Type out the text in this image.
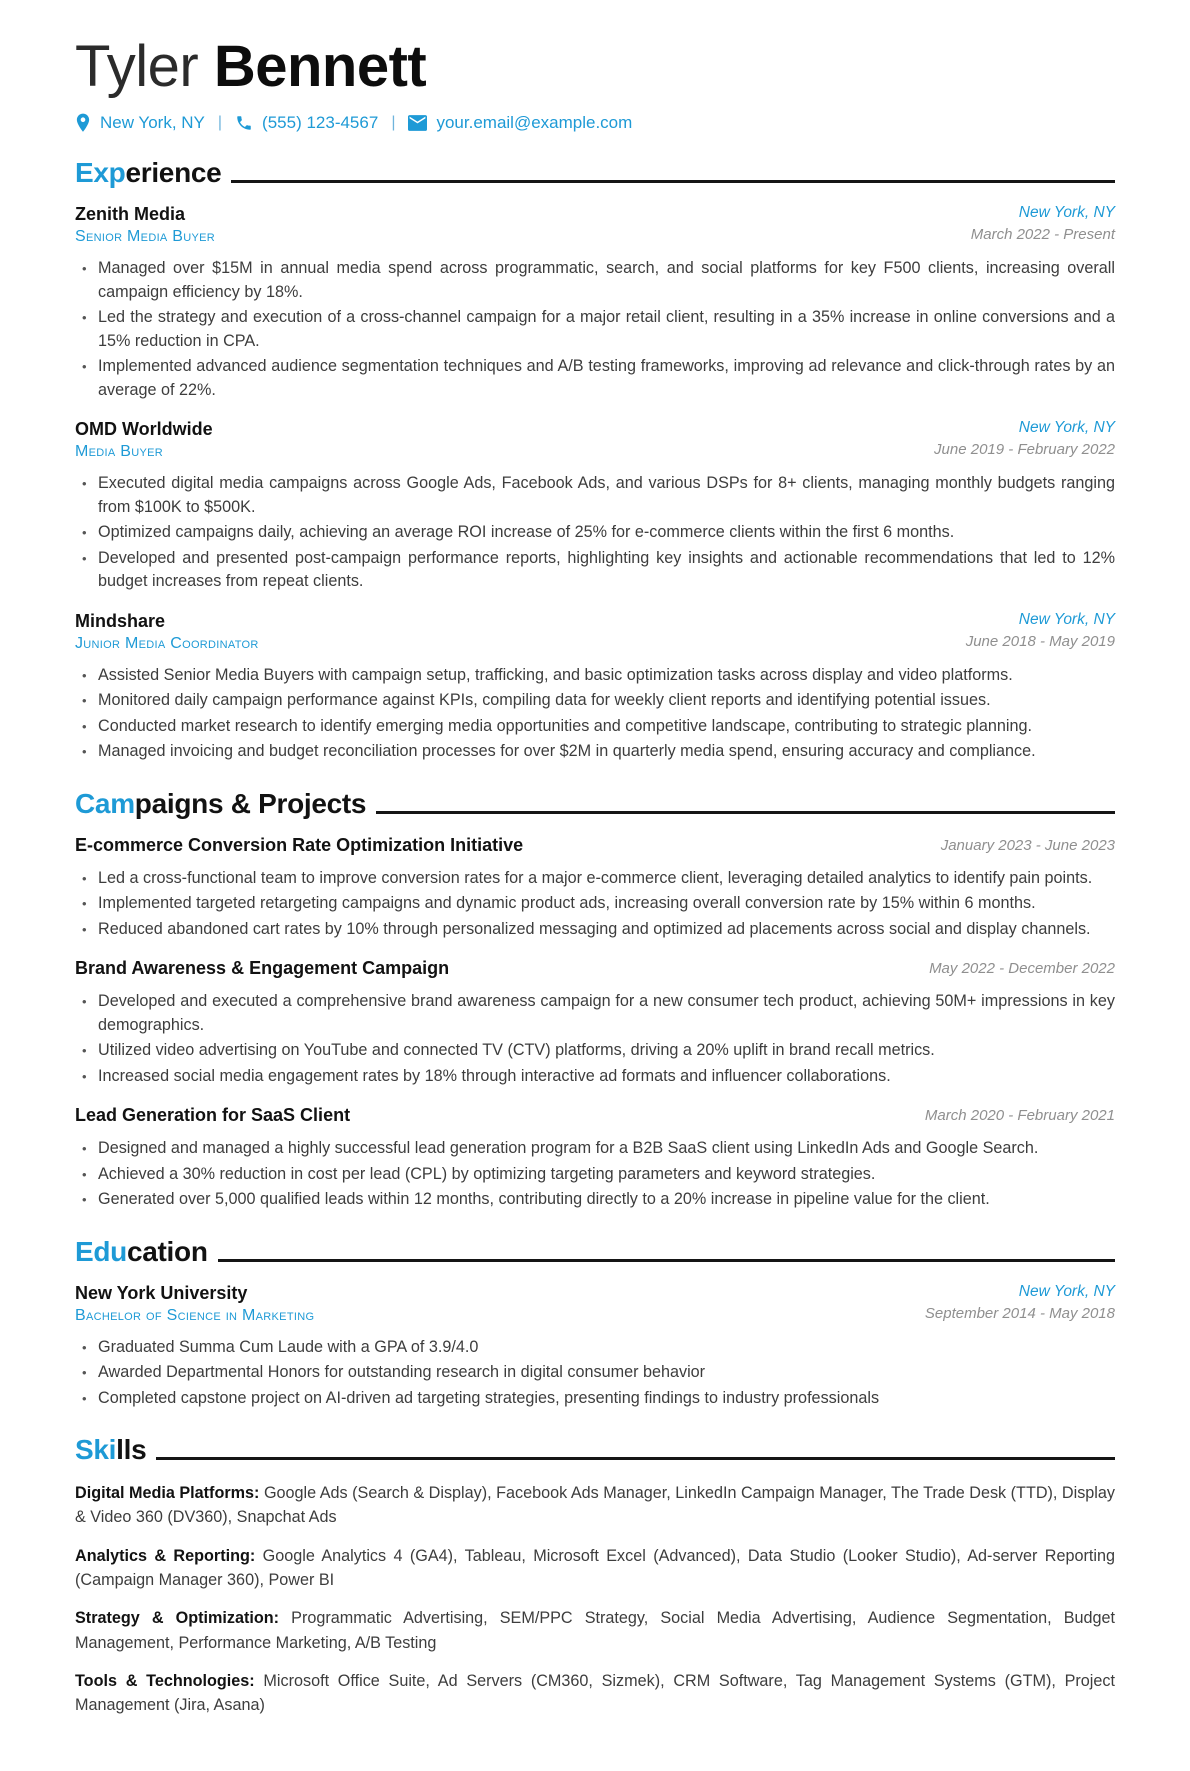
Tyler Bennett
New York, NY | (555) 123-4567 | your.email@example.com
Experience
Zenith Media
Senior Media Buyer
New York, NY
March 2022 - Present
• Managed over $15M in annual media spend across programmatic, search, and social platforms for key F500 clients, increasing overall campaign efficiency by 18%.
• Led the strategy and execution of a cross-channel campaign for a major retail client, resulting in a 35% increase in online conversions and a 15% reduction in CPA.
• Implemented advanced audience segmentation techniques and A/B testing frameworks, improving ad relevance and click-through rates by an average of 22%.
OMD Worldwide
Media Buyer
New York, NY
June 2019 - February 2022
• Executed digital media campaigns across Google Ads, Facebook Ads, and various DSPs for 8+ clients, managing monthly budgets ranging from $100K to $500K.
• Optimized campaigns daily, achieving an average ROI increase of 25% for e-commerce clients within the first 6 months.
• Developed and presented post-campaign performance reports, highlighting key insights and actionable recommendations that led to 12% budget increases from repeat clients.
Mindshare
Junior Media Coordinator
New York, NY
June 2018 - May 2019
• Assisted Senior Media Buyers with campaign setup, trafficking, and basic optimization tasks across display and video platforms.
• Monitored daily campaign performance against KPIs, compiling data for weekly client reports and identifying potential issues.
• Conducted market research to identify emerging media opportunities and competitive landscape, contributing to strategic planning.
• Managed invoicing and budget reconciliation processes for over $2M in quarterly media spend, ensuring accuracy and compliance.
Campaigns & Projects
E-commerce Conversion Rate Optimization Initiative	January 2023 - June 2023
• Led a cross-functional team to improve conversion rates for a major e-commerce client, leveraging detailed analytics to identify pain points.
• Implemented targeted retargeting campaigns and dynamic product ads, increasing overall conversion rate by 15% within 6 months.
• Reduced abandoned cart rates by 10% through personalized messaging and optimized ad placements across social and display channels.
Brand Awareness & Engagement Campaign	May 2022 - December 2022
• Developed and executed a comprehensive brand awareness campaign for a new consumer tech product, achieving 50M+ impressions in key demographics.
• Utilized video advertising on YouTube and connected TV (CTV) platforms, driving a 20% uplift in brand recall metrics.
• Increased social media engagement rates by 18% through interactive ad formats and influencer collaborations.
Lead Generation for SaaS Client	March 2020 - February 2021
• Designed and managed a highly successful lead generation program for a B2B SaaS client using LinkedIn Ads and Google Search.
• Achieved a 30% reduction in cost per lead (CPL) by optimizing targeting parameters and keyword strategies.
• Generated over 5,000 qualified leads within 12 months, contributing directly to a 20% increase in pipeline value for the client.
Education
New York University
Bachelor of Science in Marketing
New York, NY
September 2014 - May 2018
• Graduated Summa Cum Laude with a GPA of 3.9/4.0
• Awarded Departmental Honors for outstanding research in digital consumer behavior
• Completed capstone project on AI-driven ad targeting strategies, presenting findings to industry professionals
Skills

Digital Media Platforms: Google Ads (Search & Display), Facebook Ads Manager, LinkedIn Campaign Manager, The Trade Desk (TTD), Display & Video 360 (DV360), Snapchat Ads

Analytics & Reporting: Google Analytics 4 (GA4), Tableau, Microsoft Excel (Advanced), Data Studio (Looker Studio), Ad-server Reporting (Campaign Manager 360), Power BI

Strategy & Optimization: Programmatic Advertising, SEM/PPC Strategy, Social Media Advertising, Audience Segmentation, Budget Management, Performance Marketing, A/B Testing

Tools & Technologies: Microsoft Office Suite, Ad Servers (CM360, Sizmek), CRM Software, Tag Management Systems (GTM), Project Management (Jira, Asana)
